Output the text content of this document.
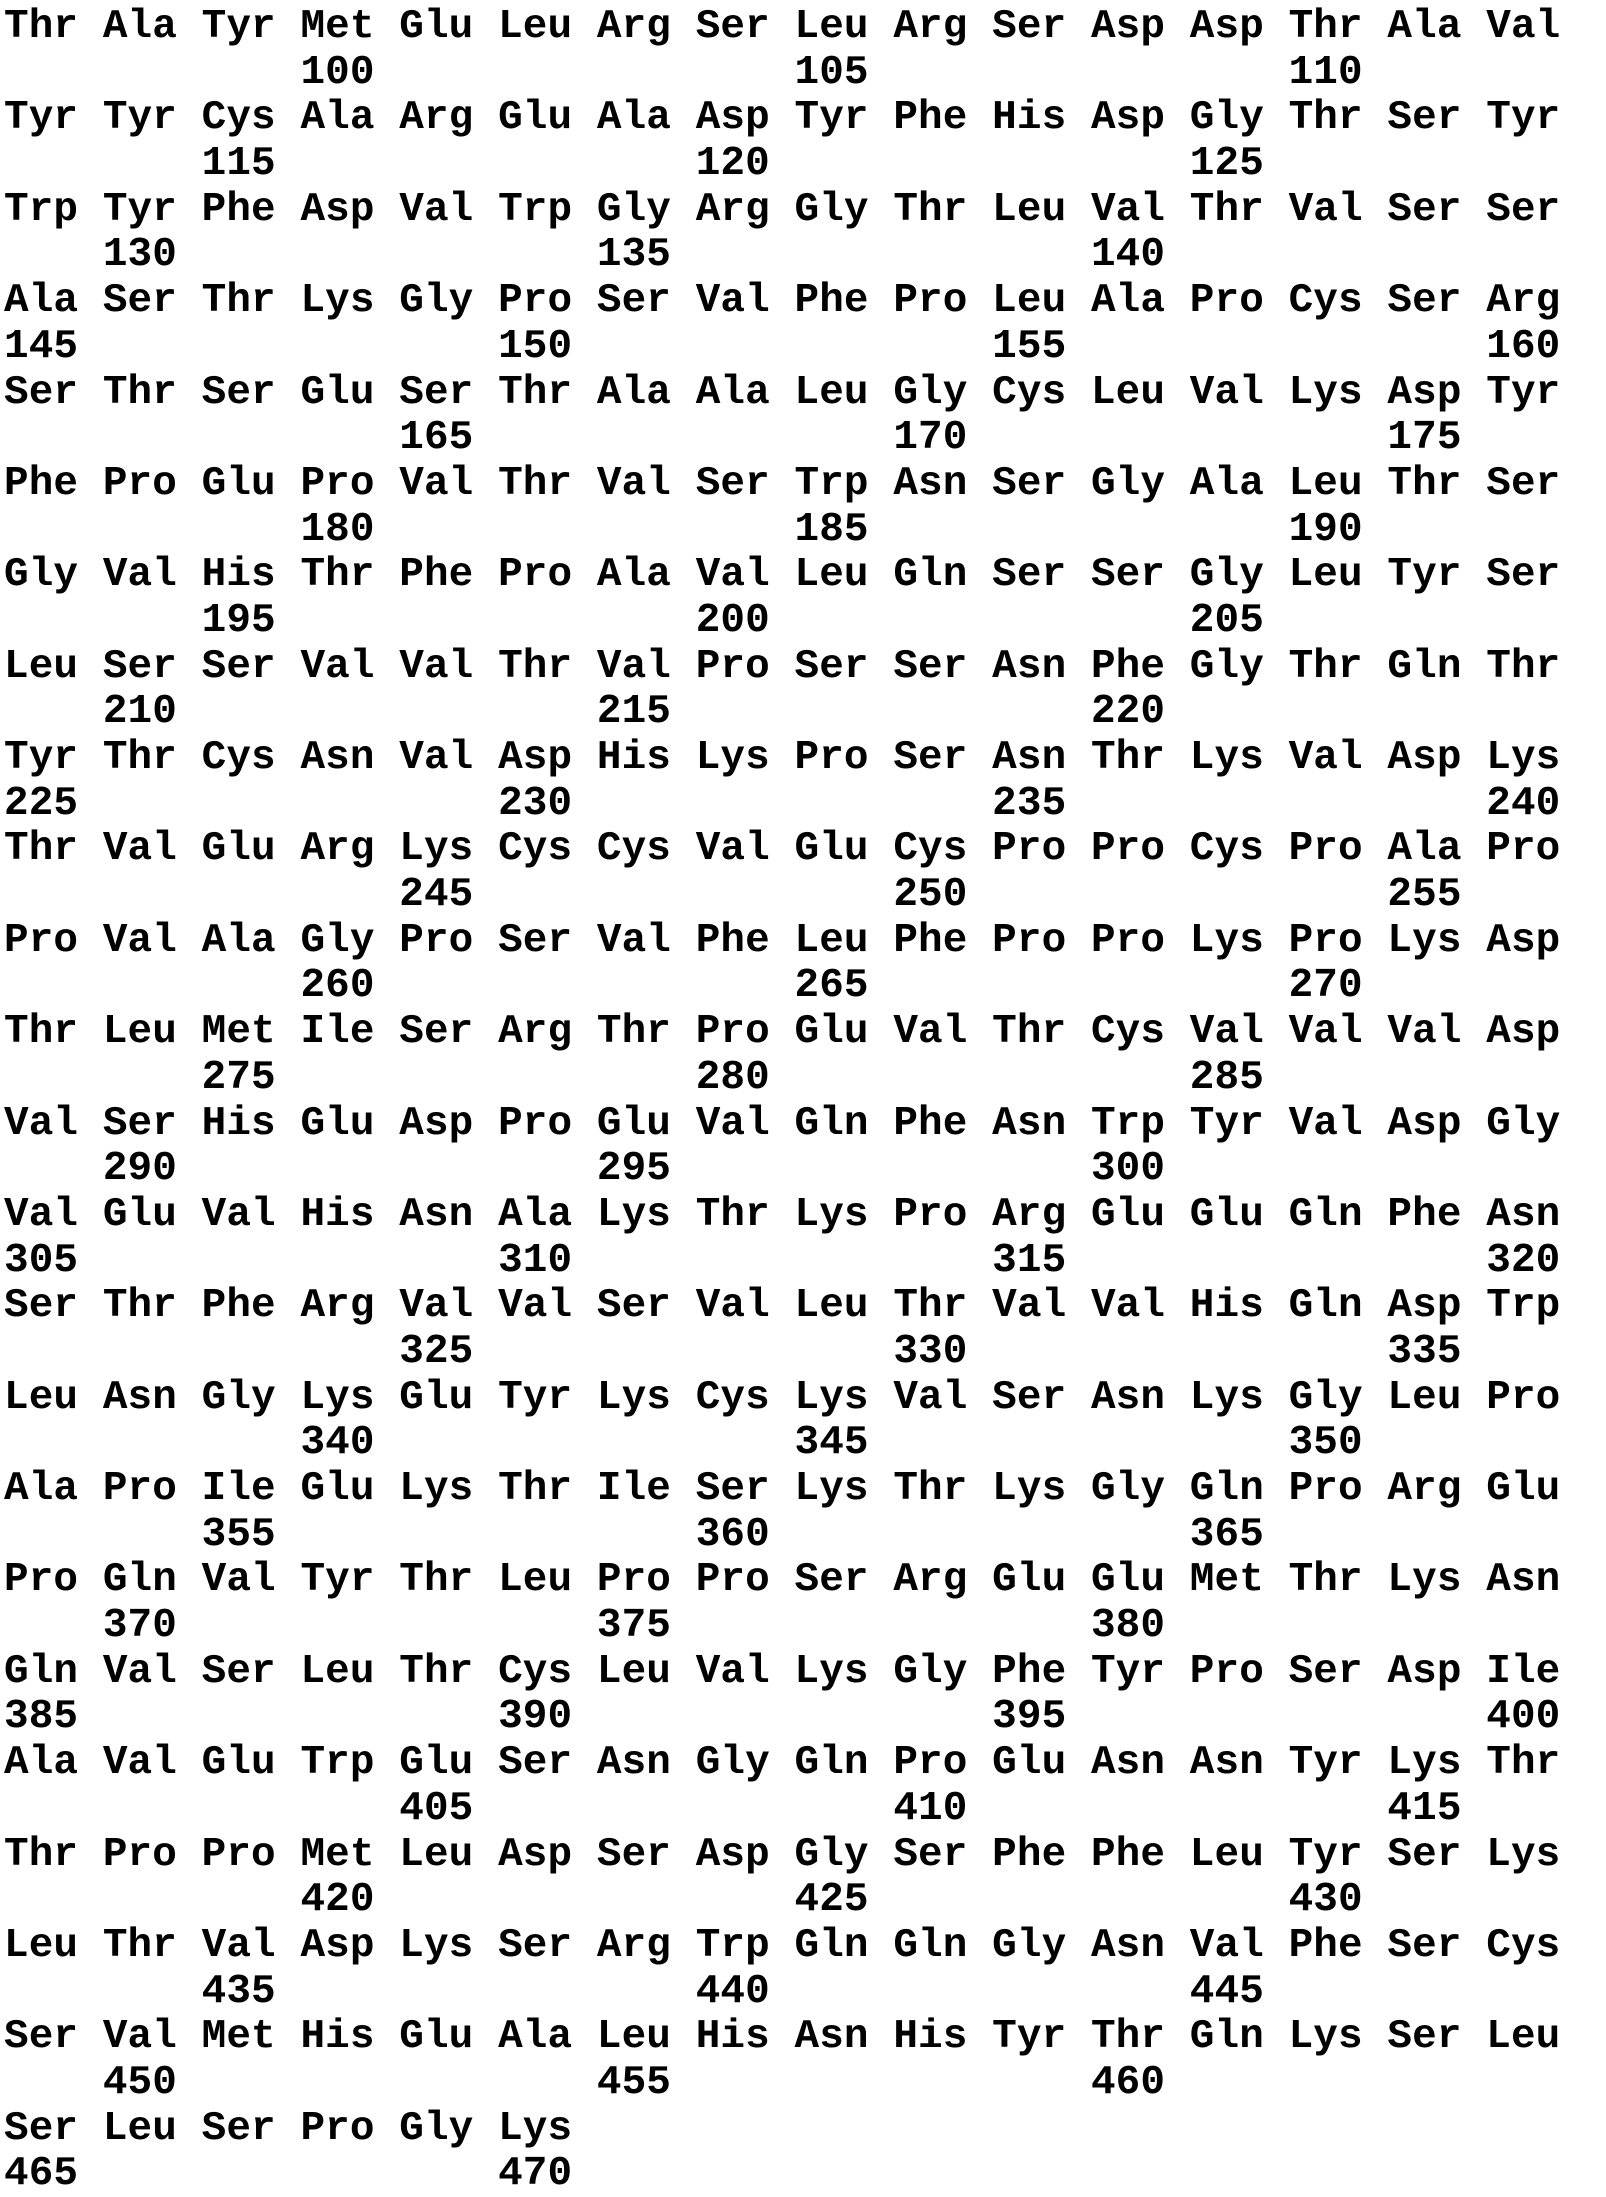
Thr Ala Tyr Met Glu Leu Arg Ser Leu Arg Ser Asp Asp Thr Ala Val
100                 105                 110
Tyr Tyr Cys Ala Arg Glu Ala Asp Tyr Phe His Asp Gly Thr Ser Tyr
115                 120                 125
Trp Tyr Phe Asp Val Trp Gly Arg Gly Thr Leu Val Thr Val Ser Ser
130                 135                 140
Ala Ser Thr Lys Gly Pro Ser Val Phe Pro Leu Ala Pro Cys Ser Arg
145                 150                 155                 160
Ser Thr Ser Glu Ser Thr Ala Ala Leu Gly Cys Leu Val Lys Asp Tyr
165                 170                 175
Phe Pro Glu Pro Val Thr Val Ser Trp Asn Ser Gly Ala Leu Thr Ser
180                 185                 190
Gly Val His Thr Phe Pro Ala Val Leu Gln Ser Ser Gly Leu Tyr Ser
195                 200                 205
Leu Ser Ser Val Val Thr Val Pro Ser Ser Asn Phe Gly Thr Gln Thr
210                 215                 220
Tyr Thr Cys Asn Val Asp His Lys Pro Ser Asn Thr Lys Val Asp Lys
225                 230                 235                 240
Thr Val Glu Arg Lys Cys Cys Val Glu Cys Pro Pro Cys Pro Ala Pro
245                 250                 255
Pro Val Ala Gly Pro Ser Val Phe Leu Phe Pro Pro Lys Pro Lys Asp
260                 265                 270
Thr Leu Met Ile Ser Arg Thr Pro Glu Val Thr Cys Val Val Val Asp
275                 280                 285
Val Ser His Glu Asp Pro Glu Val Gln Phe Asn Trp Tyr Val Asp Gly
290                 295                 300
Val Glu Val His Asn Ala Lys Thr Lys Pro Arg Glu Glu Gln Phe Asn
305                 310                 315                 320
Ser Thr Phe Arg Val Val Ser Val Leu Thr Val Val His Gln Asp Trp
325                 330                 335
Leu Asn Gly Lys Glu Tyr Lys Cys Lys Val Ser Asn Lys Gly Leu Pro
340                 345                 350
Ala Pro Ile Glu Lys Thr Ile Ser Lys Thr Lys Gly Gln Pro Arg Glu
355                 360                 365
Pro Gln Val Tyr Thr Leu Pro Pro Ser Arg Glu Glu Met Thr Lys Asn
370                 375                 380
Gln Val Ser Leu Thr Cys Leu Val Lys Gly Phe Tyr Pro Ser Asp Ile
385                 390                 395                 400
Ala Val Glu Trp Glu Ser Asn Gly Gln Pro Glu Asn Asn Tyr Lys Thr
405                 410                 415
Thr Pro Pro Met Leu Asp Ser Asp Gly Ser Phe Phe Leu Tyr Ser Lys
420                 425                 430
Leu Thr Val Asp Lys Ser Arg Trp Gln Gln Gly Asn Val Phe Ser Cys
435                 440                 445
Ser Val Met His Glu Ala Leu His Asn His Tyr Thr Gln Lys Ser Leu
450                 455                 460
Ser Leu Ser Pro Gly Lys
465                 470
